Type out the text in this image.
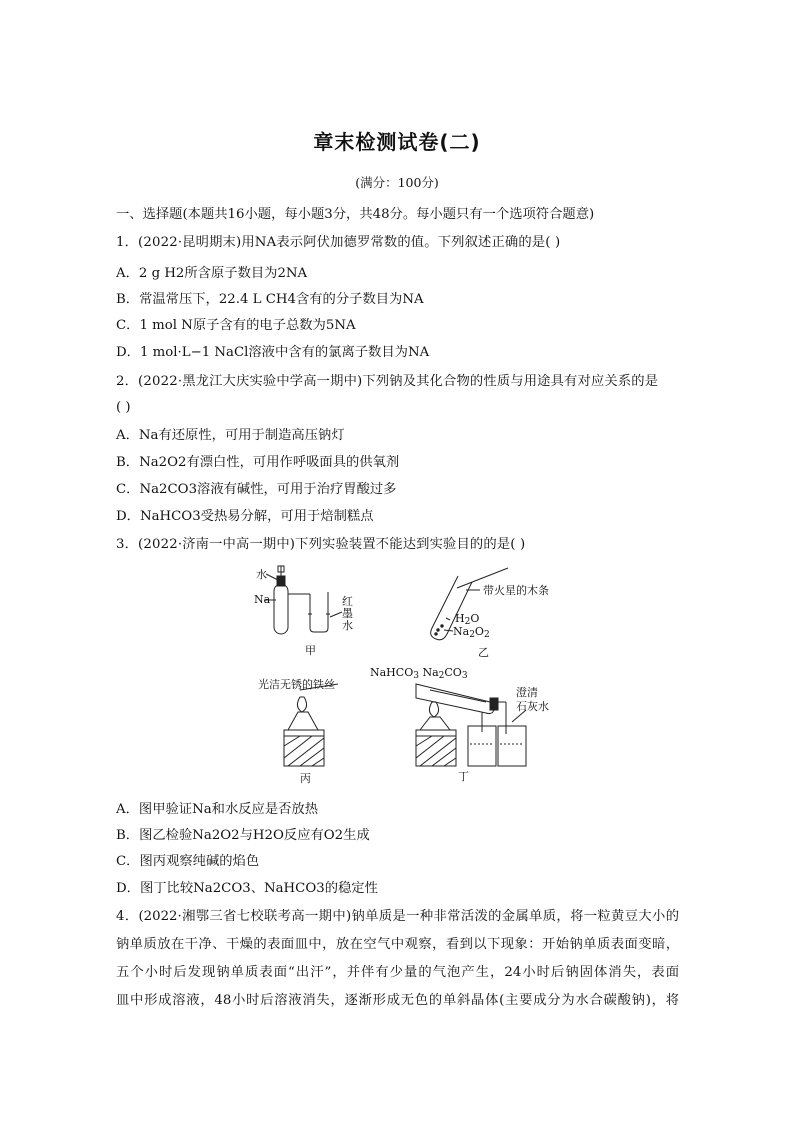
章末检测试卷(二)
(满分：100分)
一、选择题(本题共16小题，每小题3分，共48分。每小题只有一个选项符合题意)
1．(2022·昆明期末)用NA表示阿伏加德罗常数的值。下列叙述正确的是( )
A．2 g H2所含原子数目为2NA
B．常温常压下，22.4 L CH4含有的分子数目为NA
C．1 mol N原子含有的电子总数为5NA
D．1 mol·L−1 NaCl溶液中含有的氯离子数目为NA
2．(2022·黑龙江大庆实验中学高一期中)下列钠及其化合物的性质与用途具有对应关系的是
( )
A．Na有还原性，可用于制造高压钠灯
B．Na2O2有漂白性，可用作呼吸面具的供氧剂
C．Na2CO3溶液有碱性，可用于治疗胃酸过多
D．NaHCO3受热易分解，可用于焙制糕点
3．(2022·济南一中高一期中)下列实验装置不能达到实验目的的是( )
水
Na	红
墨
水
甲
带火星的木条
$H_2O$
$Na_2O_2$
乙
光洁无锈的铁丝
丙
NaHCO$_3$ $Na_2CO_3$
澄清
石灰水
丁
A．图甲验证Na和水反应是否放热
B．图乙检验Na2O2与H2O反应有O2生成
C．图丙观察纯碱的焰色
D．图丁比较Na2CO3、NaHCO3的稳定性
4．(2022·湘鄂三省七校联考高一期中)钠单质是一种非常活泼的金属单质，将一粒黄豆大小的
钠单质放在干净、干燥的表面皿中，放在空气中观察，看到以下现象：开始钠单质表面变暗，
五个小时后发现钠单质表面“出汗”，并伴有少量的气泡产生，24小时后钠固体消失，表面
皿中形成溶液，48小时后溶液消失，逐渐形成无色的单斜晶体(主要成分为水合碳酸钠)，将
